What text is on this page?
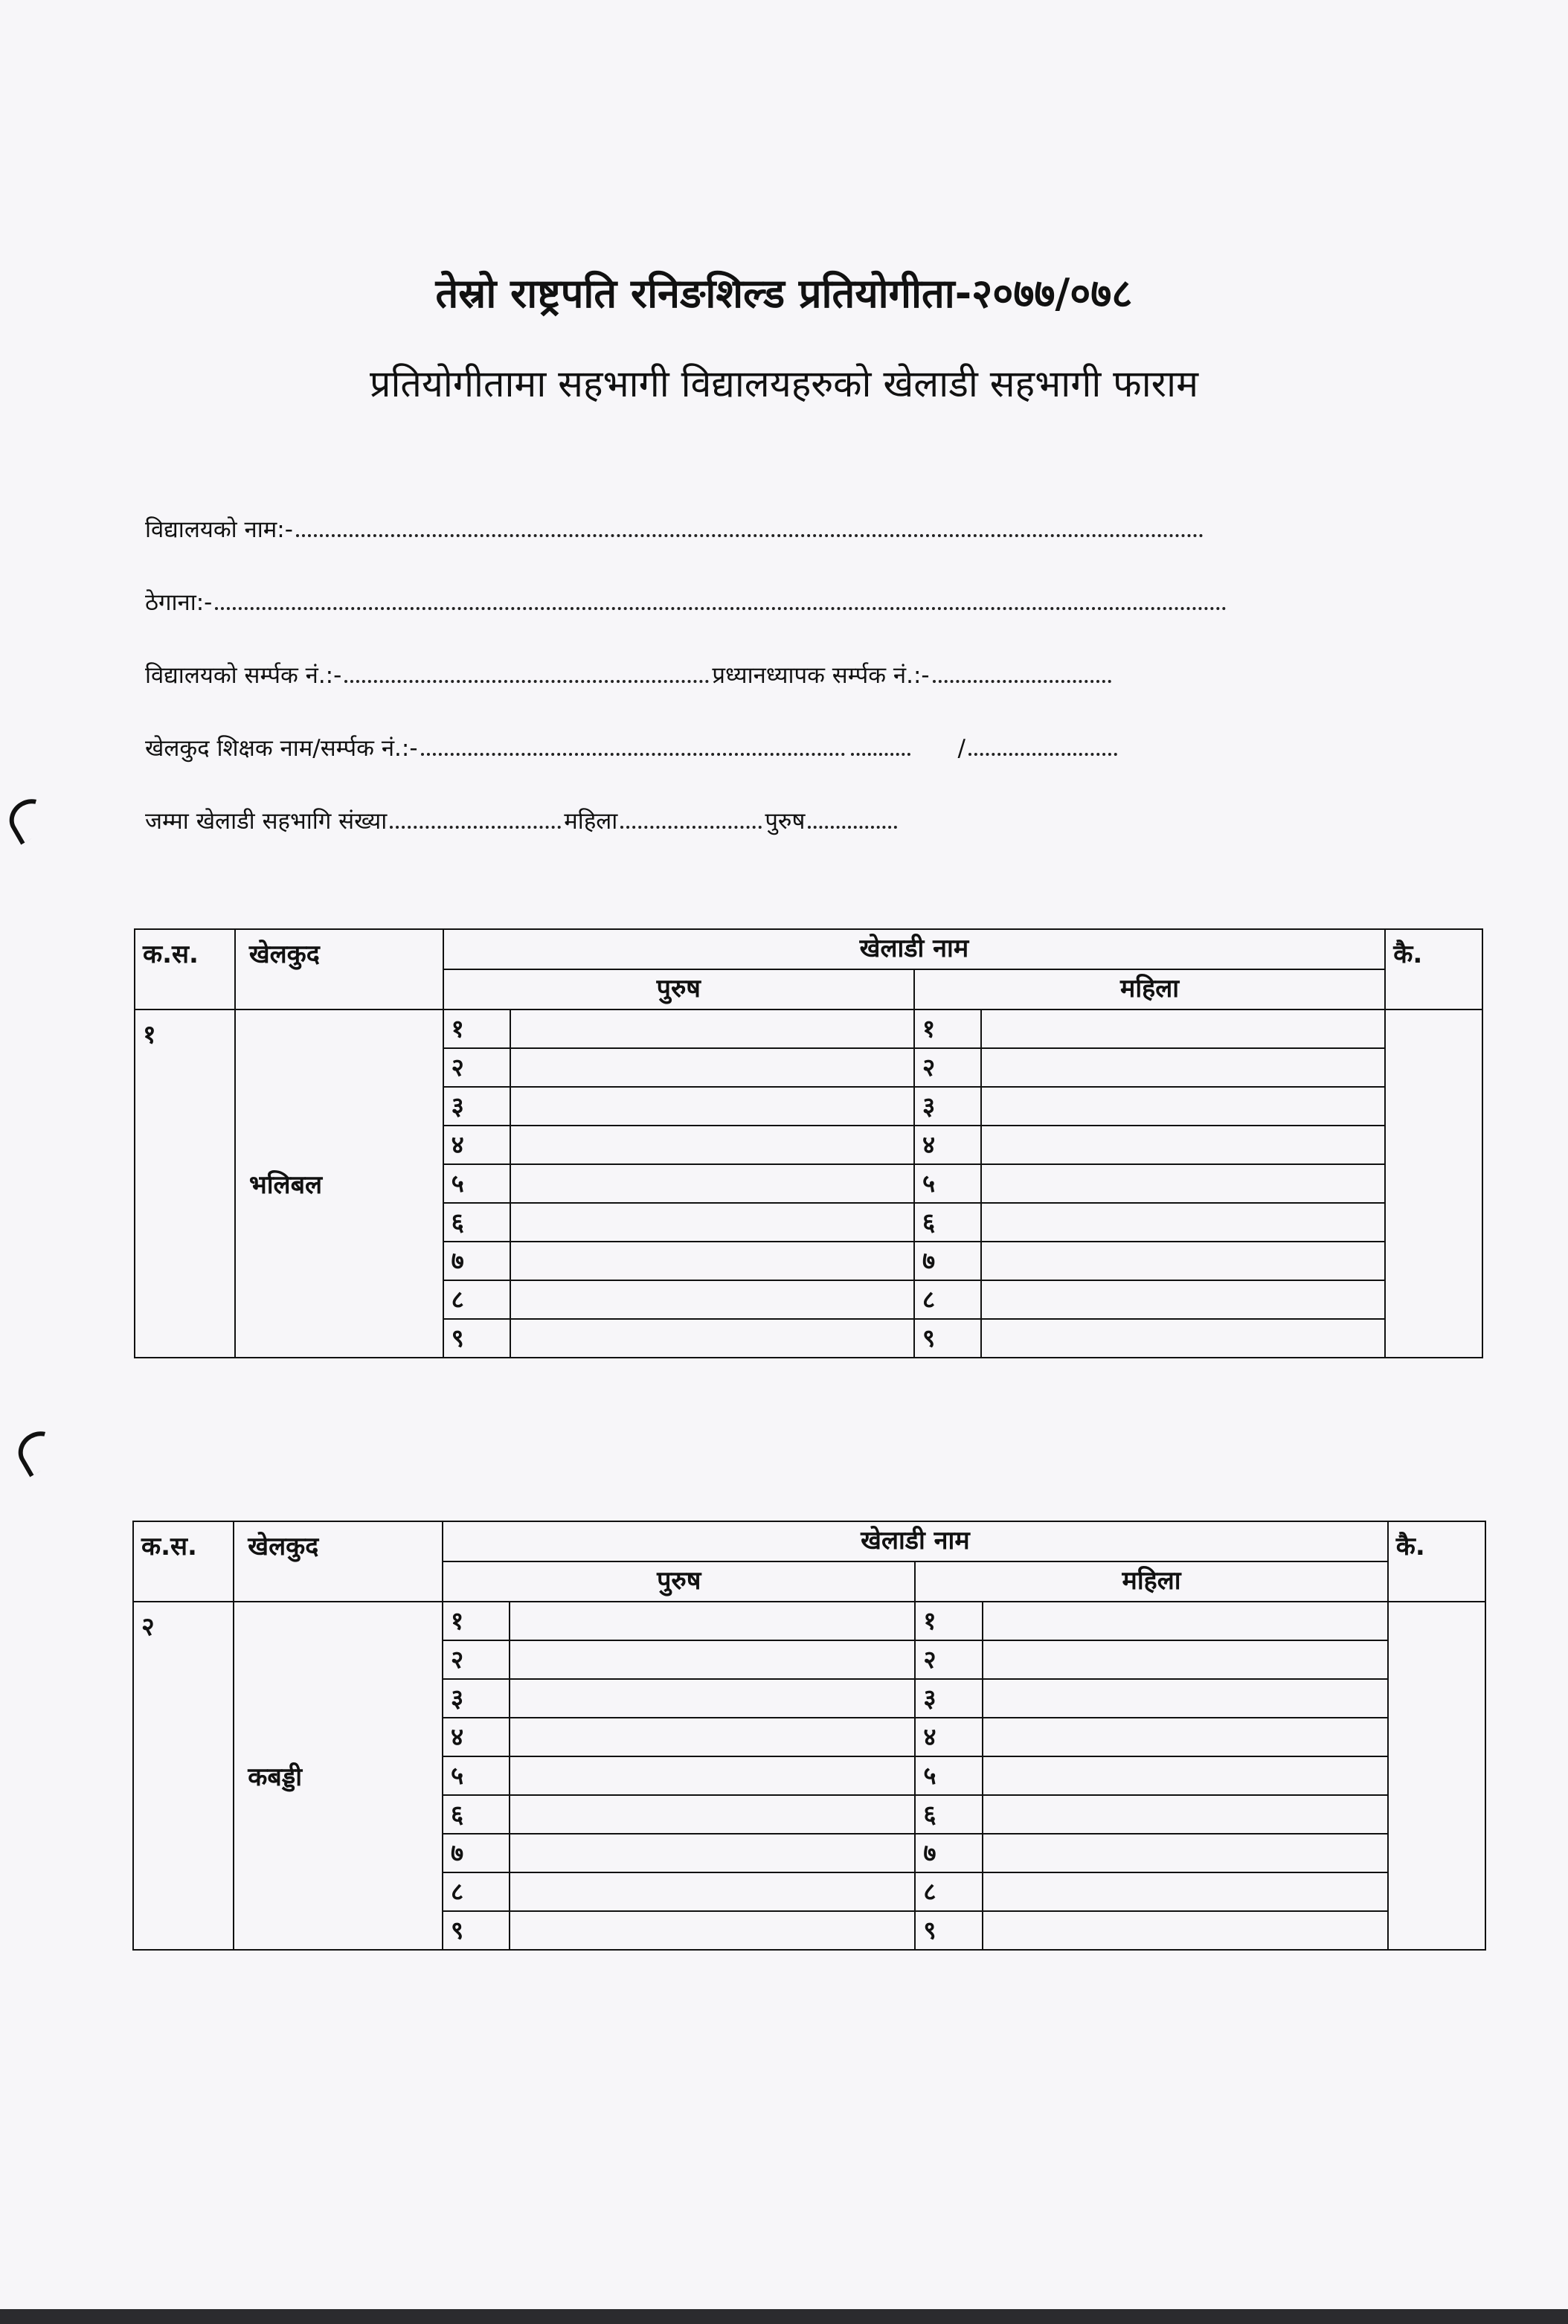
तेस्रो राष्ट्रपति रनिङशिल्ड प्रतियोगीता-२०७७/०७८
प्रतियोगीतामा सहभागी विद्यालयहरुको खेलाडी सहभागी फाराम
विद्यालयको नाम:-
ठेगाना:-
विद्यालयको सर्म्पक नं.:-	प्रध्यानध्यापक सर्म्पक नं.:-
खेलकुद शिक्षक नाम/सर्म्पक नं.:-	/
जम्मा खेलाडी सहभागि संख्या	महिला	पुरुष
क.स.	खेलकुद	खेलाडी नाम				कै.
		पुरुष		महिला		
१	भलिबल	१		१		
		२		२		
		३		३		
		४		४		
		५		५		
		६		६		
		७		७		
		८		८		
		९		९		
क.स.	खेलकुद	खेलाडी नाम				कै.
		पुरुष		महिला		
२	कबड्डी	१		१		
		२		२		
		३		३		
		४		४		
		५		५		
		६		६		
		७		७		
		८		८		
		९		९		
